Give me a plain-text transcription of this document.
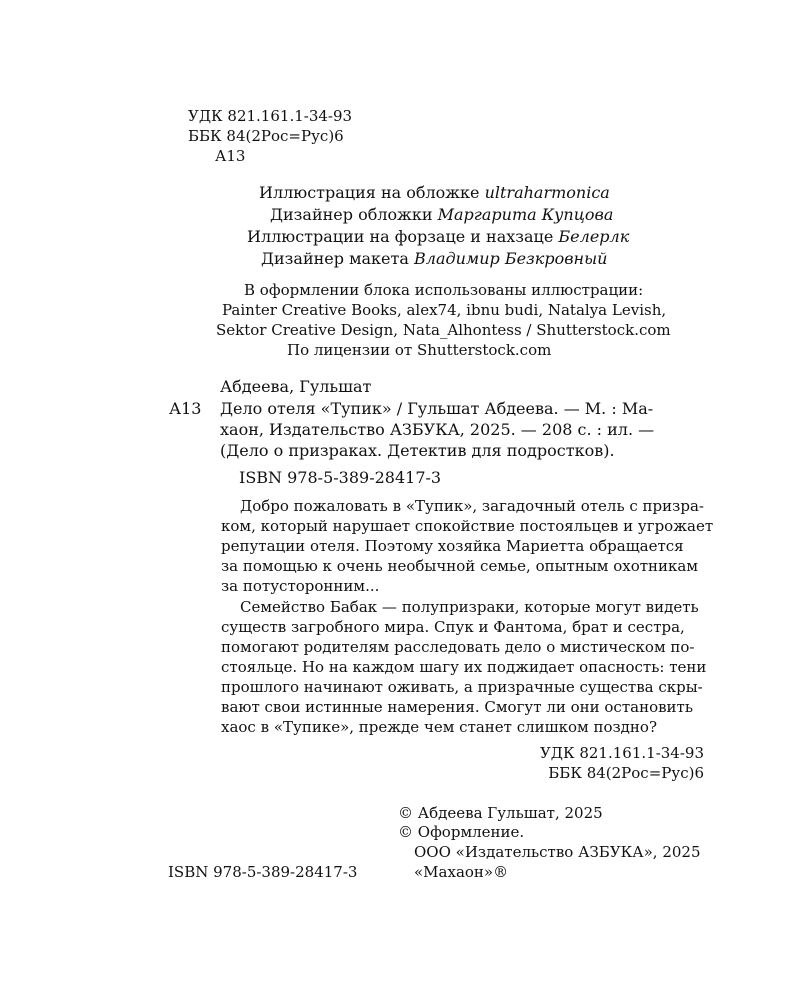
УДК 821.161.1-34-93
ББК 84(2Рос=Рус)6
А13
Иллюстрация на обложке ultraharmonica
Дизайнер обложки Маргарита Купцова
Иллюстрации на форзаце и нахзаце Белерлк
Дизайнер макета Владимир Безкровный
В оформлении блока использованы иллюстрации:
Painter Creative Books, alex74, ibnu budi, Natalya Levish,
Sektor Creative Design, Nata_Alhontess / Shutterstock.com
По лицензии от Shutterstock.com
Абдеева, Гульшат
А13 Дело отеля «Тупик» / Гульшат Абдеева. — М. : Ма-
хаон, Издательство АЗБУКА, 2025. — 208 с. : ил. —
(Дело о призраках. Детектив для подростков).
ISBN 978-5-389-28417-3
Добро пожаловать в «Тупик», загадочный отель с призра-
ком, который нарушает спокойствие постояльцев и угрожает
репутации отеля. Поэтому хозяйка Мариетта обращается
за помощью к очень необычной семье, опытным охотникам
за потусторонним...
Семейство Бабак — полупризраки, которые могут видеть
существ загробного мира. Спук и Фантома, брат и сестра,
помогают родителям расследовать дело о мистическом по-
стояльце. Но на каждом шагу их поджидает опасность: тени
прошлого начинают оживать, а призрачные существа скры-
вают свои истинные намерения. Смогут ли они остановить
хаос в «Тупике», прежде чем станет слишком поздно?
УДК 821.161.1-34-93
ББК 84(2Рос=Рус)6
© Абдеева Гульшат, 2025
© Оформление.
ООО «Издательство АЗБУКА», 2025
«Махаон»®
ISBN 978-5-389-28417-3
